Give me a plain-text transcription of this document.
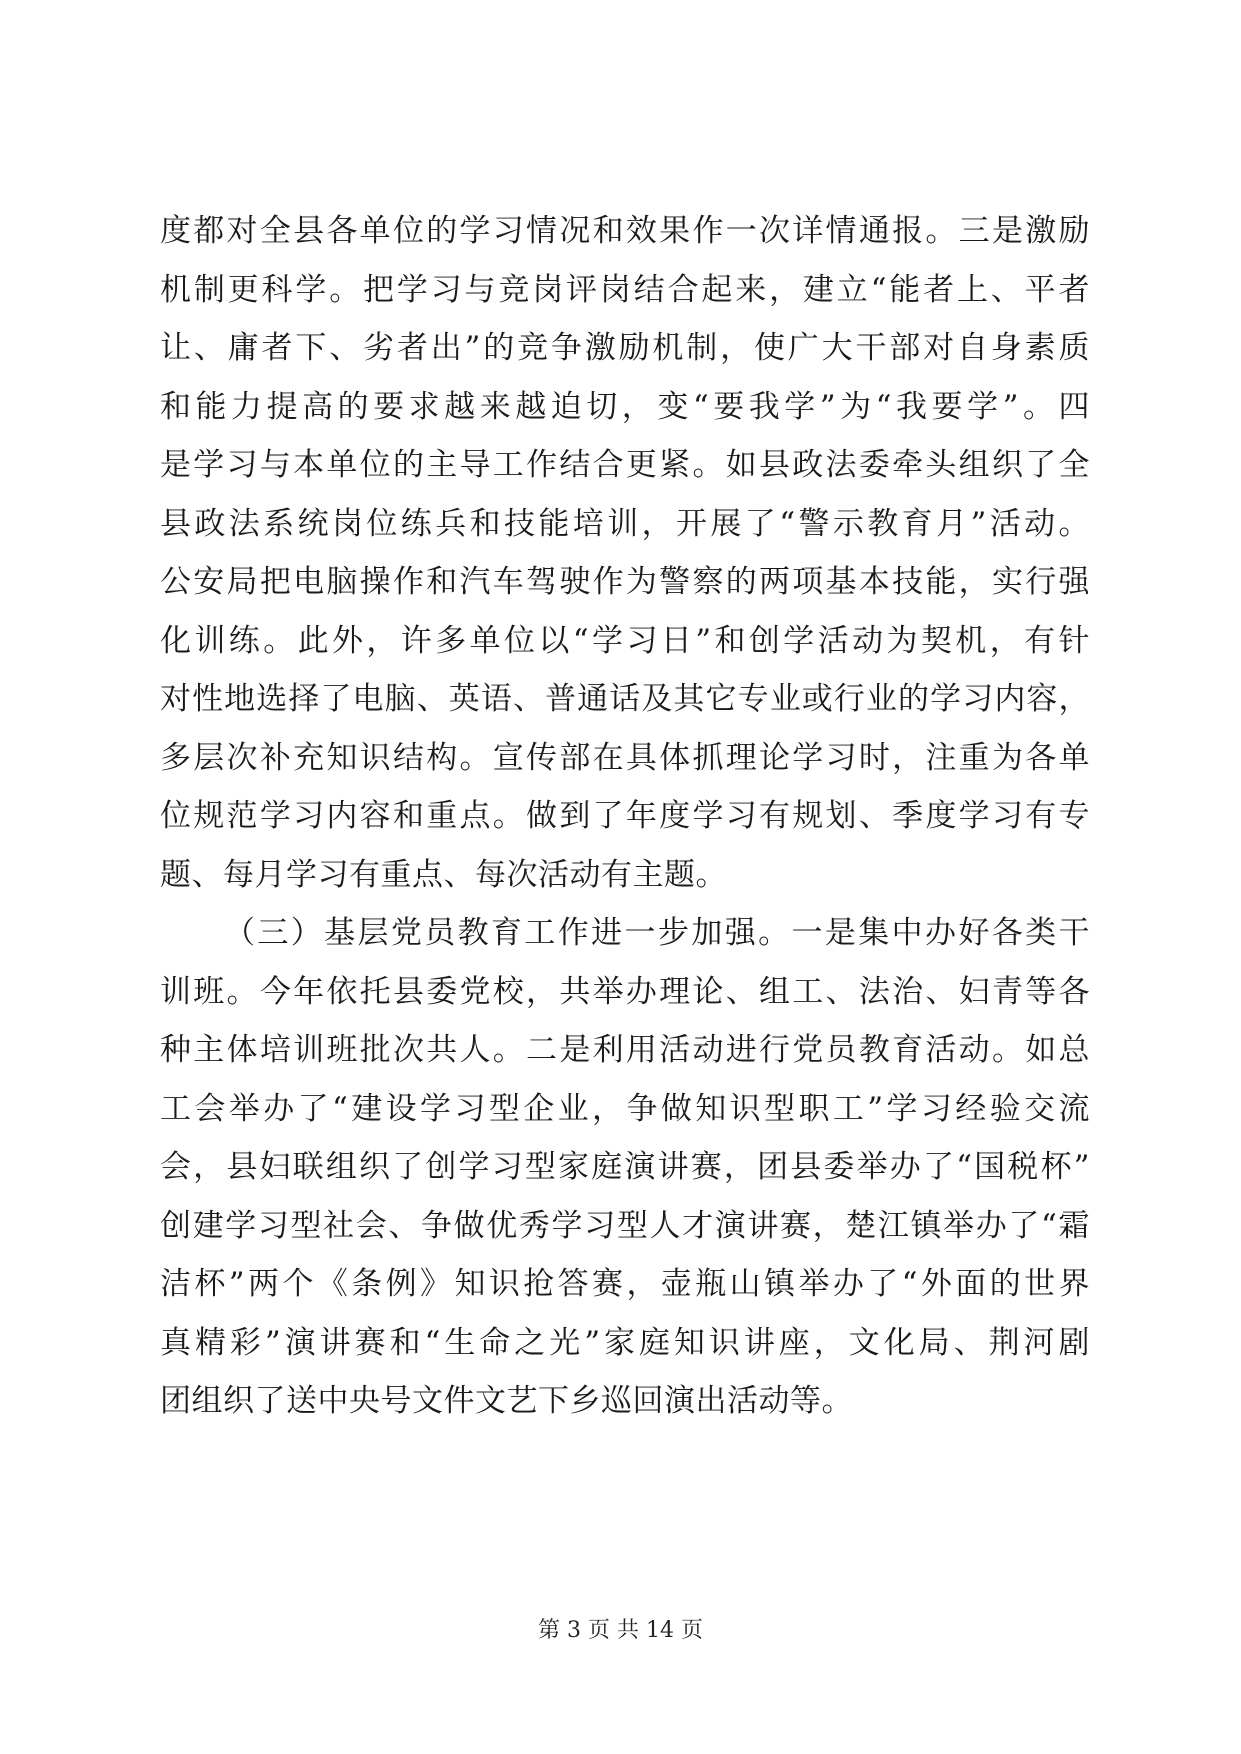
度都对全县各单位的学习情况和效果作一次详情通报。三是激励
机制更科学。把学习与竞岗评岗结合起来，建立“能者上、平者
让、庸者下、劣者出”的竞争激励机制，使广大干部对自身素质
和能力提高的要求越来越迫切，变“要我学”为“我要学”。四
是学习与本单位的主导工作结合更紧。如县政法委牵头组织了全
县政法系统岗位练兵和技能培训，开展了“警示教育月”活动。
公安局把电脑操作和汽车驾驶作为警察的两项基本技能，实行强
化训练。此外，许多单位以“学习日”和创学活动为契机，有针
对性地选择了电脑、英语、普通话及其它专业或行业的学习内容，
多层次补充知识结构。宣传部在具体抓理论学习时，注重为各单
位规范学习内容和重点。做到了年度学习有规划、季度学习有专
题、每月学习有重点、每次活动有主题。
（三）基层党员教育工作进一步加强。一是集中办好各类干
训班。今年依托县委党校，共举办理论、组工、法治、妇青等各
种主体培训班批次共人。二是利用活动进行党员教育活动。如总
工会举办了“建设学习型企业，争做知识型职工”学习经验交流
会，县妇联组织了创学习型家庭演讲赛，团县委举办了“国税杯”
创建学习型社会、争做优秀学习型人才演讲赛，楚江镇举办了“霜
洁杯”两个《条例》知识抢答赛，壶瓶山镇举办了“外面的世界
真精彩”演讲赛和“生命之光”家庭知识讲座，文化局、荆河剧
团组织了送中央号文件文艺下乡巡回演出活动等。
第 3 页 共 14 页
